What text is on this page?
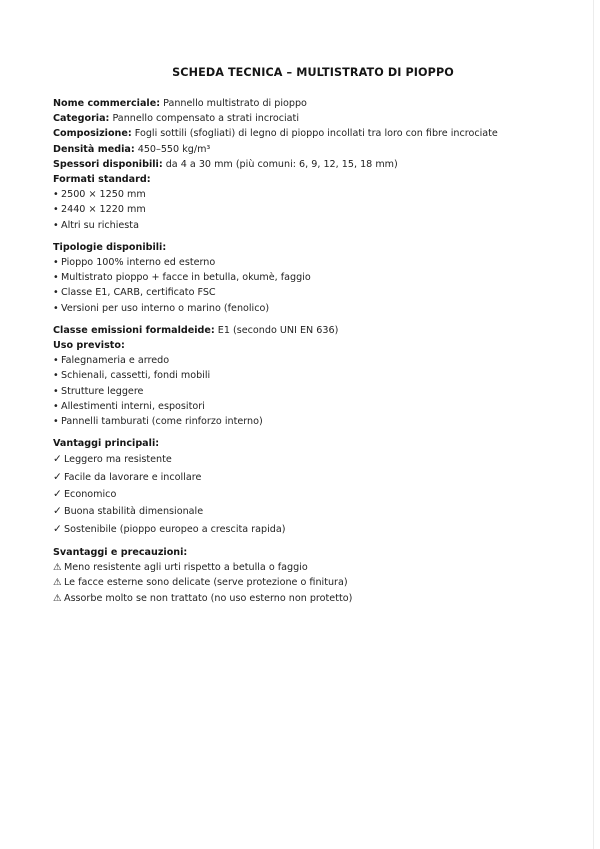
SCHEDA TECNICA – MULTISTRATO DI PIOPPO
Nome commerciale: Pannello multistrato di pioppo
Categoria: Pannello compensato a strati incrociati
Composizione: Fogli sottili (sfogliati) di legno di pioppo incollati tra loro con fibre incrociate
Densità media: 450–550 kg/m³
Spessori disponibili: da 4 a 30 mm (più comuni: 6, 9, 12, 15, 18 mm)
Formati standard:
• 2500 × 1250 mm
• 2440 × 1220 mm
• Altri su richiesta
Tipologie disponibili:
• Pioppo 100% interno ed esterno
• Multistrato pioppo + facce in betulla, okumè, faggio
• Classe E1, CARB, certificato FSC
• Versioni per uso interno o marino (fenolico)
Classe emissioni formaldeide: E1 (secondo UNI EN 636)
Uso previsto:
• Falegnameria e arredo
• Schienali, cassetti, fondi mobili
• Strutture leggere
• Allestimenti interni, espositori
• Pannelli tamburati (come rinforzo interno)
Vantaggi principali:
✓ Leggero ma resistente
✓ Facile da lavorare e incollare
✓ Economico
✓ Buona stabilità dimensionale
✓ Sostenibile (pioppo europeo a crescita rapida)
Svantaggi e precauzioni:
⚠ Meno resistente agli urti rispetto a betulla o faggio
⚠ Le facce esterne sono delicate (serve protezione o finitura)
⚠ Assorbe molto se non trattato (no uso esterno non protetto)
